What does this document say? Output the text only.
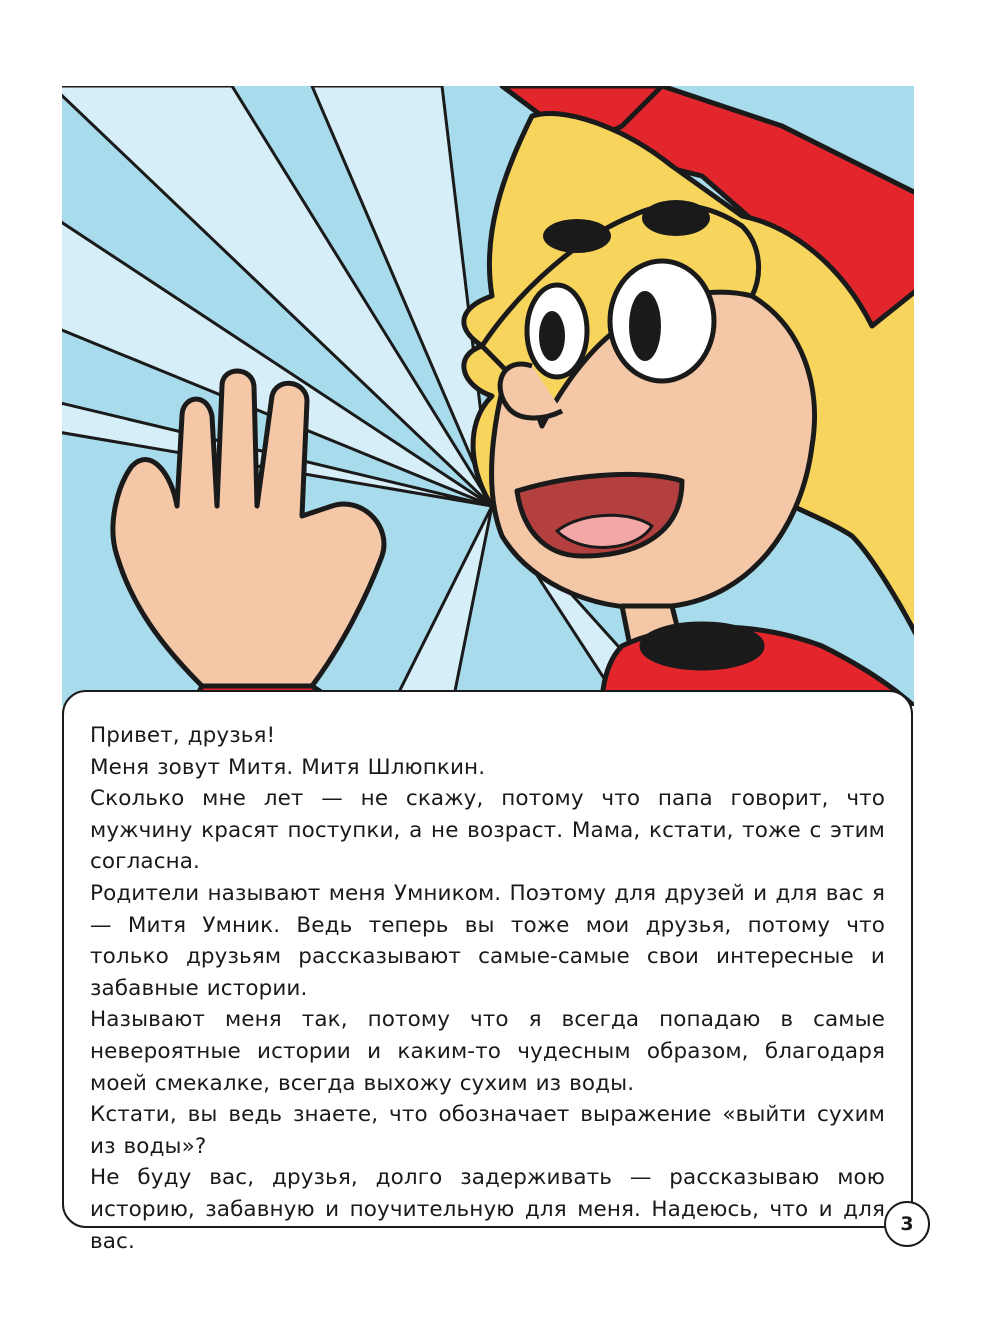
Привет, друзья!

Меня зовут Митя. Митя Шлюпкин.

Сколько мне лет — не скажу, потому что папа говорит, что мужчину красят поступки, а не возраст. Мама, кстати, тоже с этим согласна.

Родители называют меня Умником. Поэтому для друзей и для вас я — Митя Умник. Ведь теперь вы тоже мои друзья, потому что только друзьям рассказывают самые-самые свои интересные и забавные истории.

Называют меня так, потому что я всегда попадаю в самые невероятные истории и каким-то чудесным образом, благодаря моей смекалке, всегда выхожу сухим из воды.

Кстати, вы ведь знаете, что обозначает выражение «выйти сухим из воды»?

Не буду вас, друзья, долго задерживать — рассказываю мою историю, забавную и поучительную для меня. Надеюсь, что и для вас.

3
